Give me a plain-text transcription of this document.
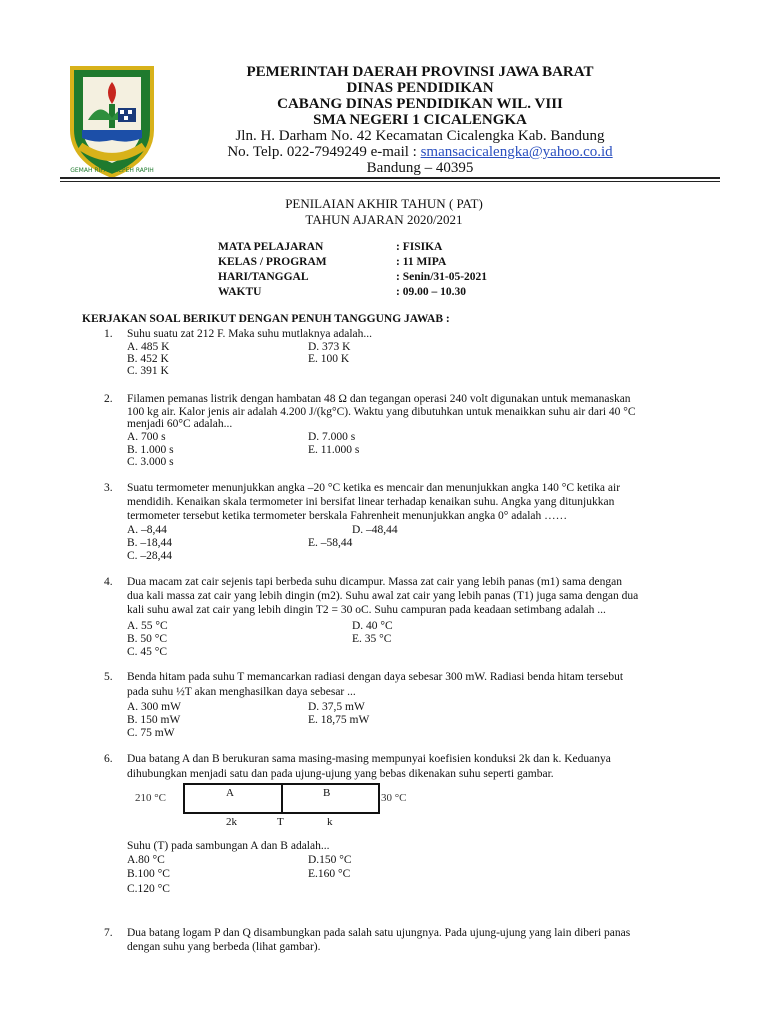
GEMAH RIPAH REPEH RAPIH
PEMERINTAH DAERAH PROVINSI JAWA BARAT
DINAS PENDIDIKAN
CABANG DINAS PENDIDIKAN WIL. VIII
SMA NEGERI 1 CICALENGKA
Jln. H. Darham No. 42 Kecamatan Cicalengka Kab. Bandung
No. Telp. 022-7949249 e-mail : smansacicalengka@yahoo.co.id
Bandung – 40395
PENILAIAN AKHIR TAHUN ( PAT)
TAHUN AJARAN 2020/2021
MATA PELAJARAN	: FISIKA
KELAS / PROGRAM	: 11 MIPA
HARI/TANGGAL	: Senin/31-05-2021
WAKTU	: 09.00 – 10.30
KERJAKAN SOAL BERIKUT DENGAN PENUH TANGGUNG JAWAB :
1. Suhu suatu zat 212 F. Maka suhu mutlaknya adalah...
A. 485 K	D. 373 K
B. 452 K	E. 100 K
C. 391 K
2. Filamen pemanas listrik dengan hambatan 48 Ω dan tegangan operasi 240 volt digunakan untuk memanaskan
100 kg air. Kalor jenis air adalah 4.200 J/(kg°C). Waktu yang dibutuhkan untuk menaikkan suhu air dari 40 °C
menjadi 60°C adalah...
A. 700 s	D. 7.000 s
B. 1.000 s	E. 11.000 s
C. 3.000 s
3. Suatu termometer menunjukkan angka –20 °C ketika es mencair dan menunjukkan angka 140 °C ketika air
mendidih. Kenaikan skala termometer ini bersifat linear terhadap kenaikan suhu. Angka yang ditunjukkan
termometer tersebut ketika termometer berskala Fahrenheit menunjukkan angka 0° adalah ……
A. –8,44	D. –48,44
B. –18,44	E. –58,44
C. –28,44
4. Dua macam zat cair sejenis tapi berbeda suhu dicampur. Massa zat cair yang lebih panas (m1) sama dengan
dua kali massa zat cair yang lebih dingin (m2). Suhu awal zat cair yang lebih panas (T1) juga sama dengan dua
kali suhu awal zat cair yang lebih dingin T2 = 30 oC. Suhu campuran pada keadaan setimbang adalah ...
A. 55 °C	D. 40 °C
B. 50 °C	E. 35 °C
C. 45 °C
5. Benda hitam pada suhu T memancarkan radiasi dengan daya sebesar 300 mW. Radiasi benda hitam tersebut
pada suhu ½T akan menghasilkan daya sebesar ...
A. 300 mW	D. 37,5 mW
B. 150 mW	E. 18,75 mW
C. 75 mW
6. Dua batang A dan B berukuran sama masing-masing mempunyai koefisien konduksi 2k dan k. Keduanya
dihubungkan menjadi satu dan pada ujung-ujung yang bebas dikenakan suhu seperti gambar.
210 °C	A	B	30 °C
2k	T	k
Suhu (T) pada sambungan A dan B adalah...
A.80 °C	D.150 °C
B.100 °C	E.160 °C
C.120 °C
7. Dua batang logam P dan Q disambungkan pada salah satu ujungnya. Pada ujung-ujung yang lain diberi panas
dengan suhu yang berbeda (lihat gambar).
